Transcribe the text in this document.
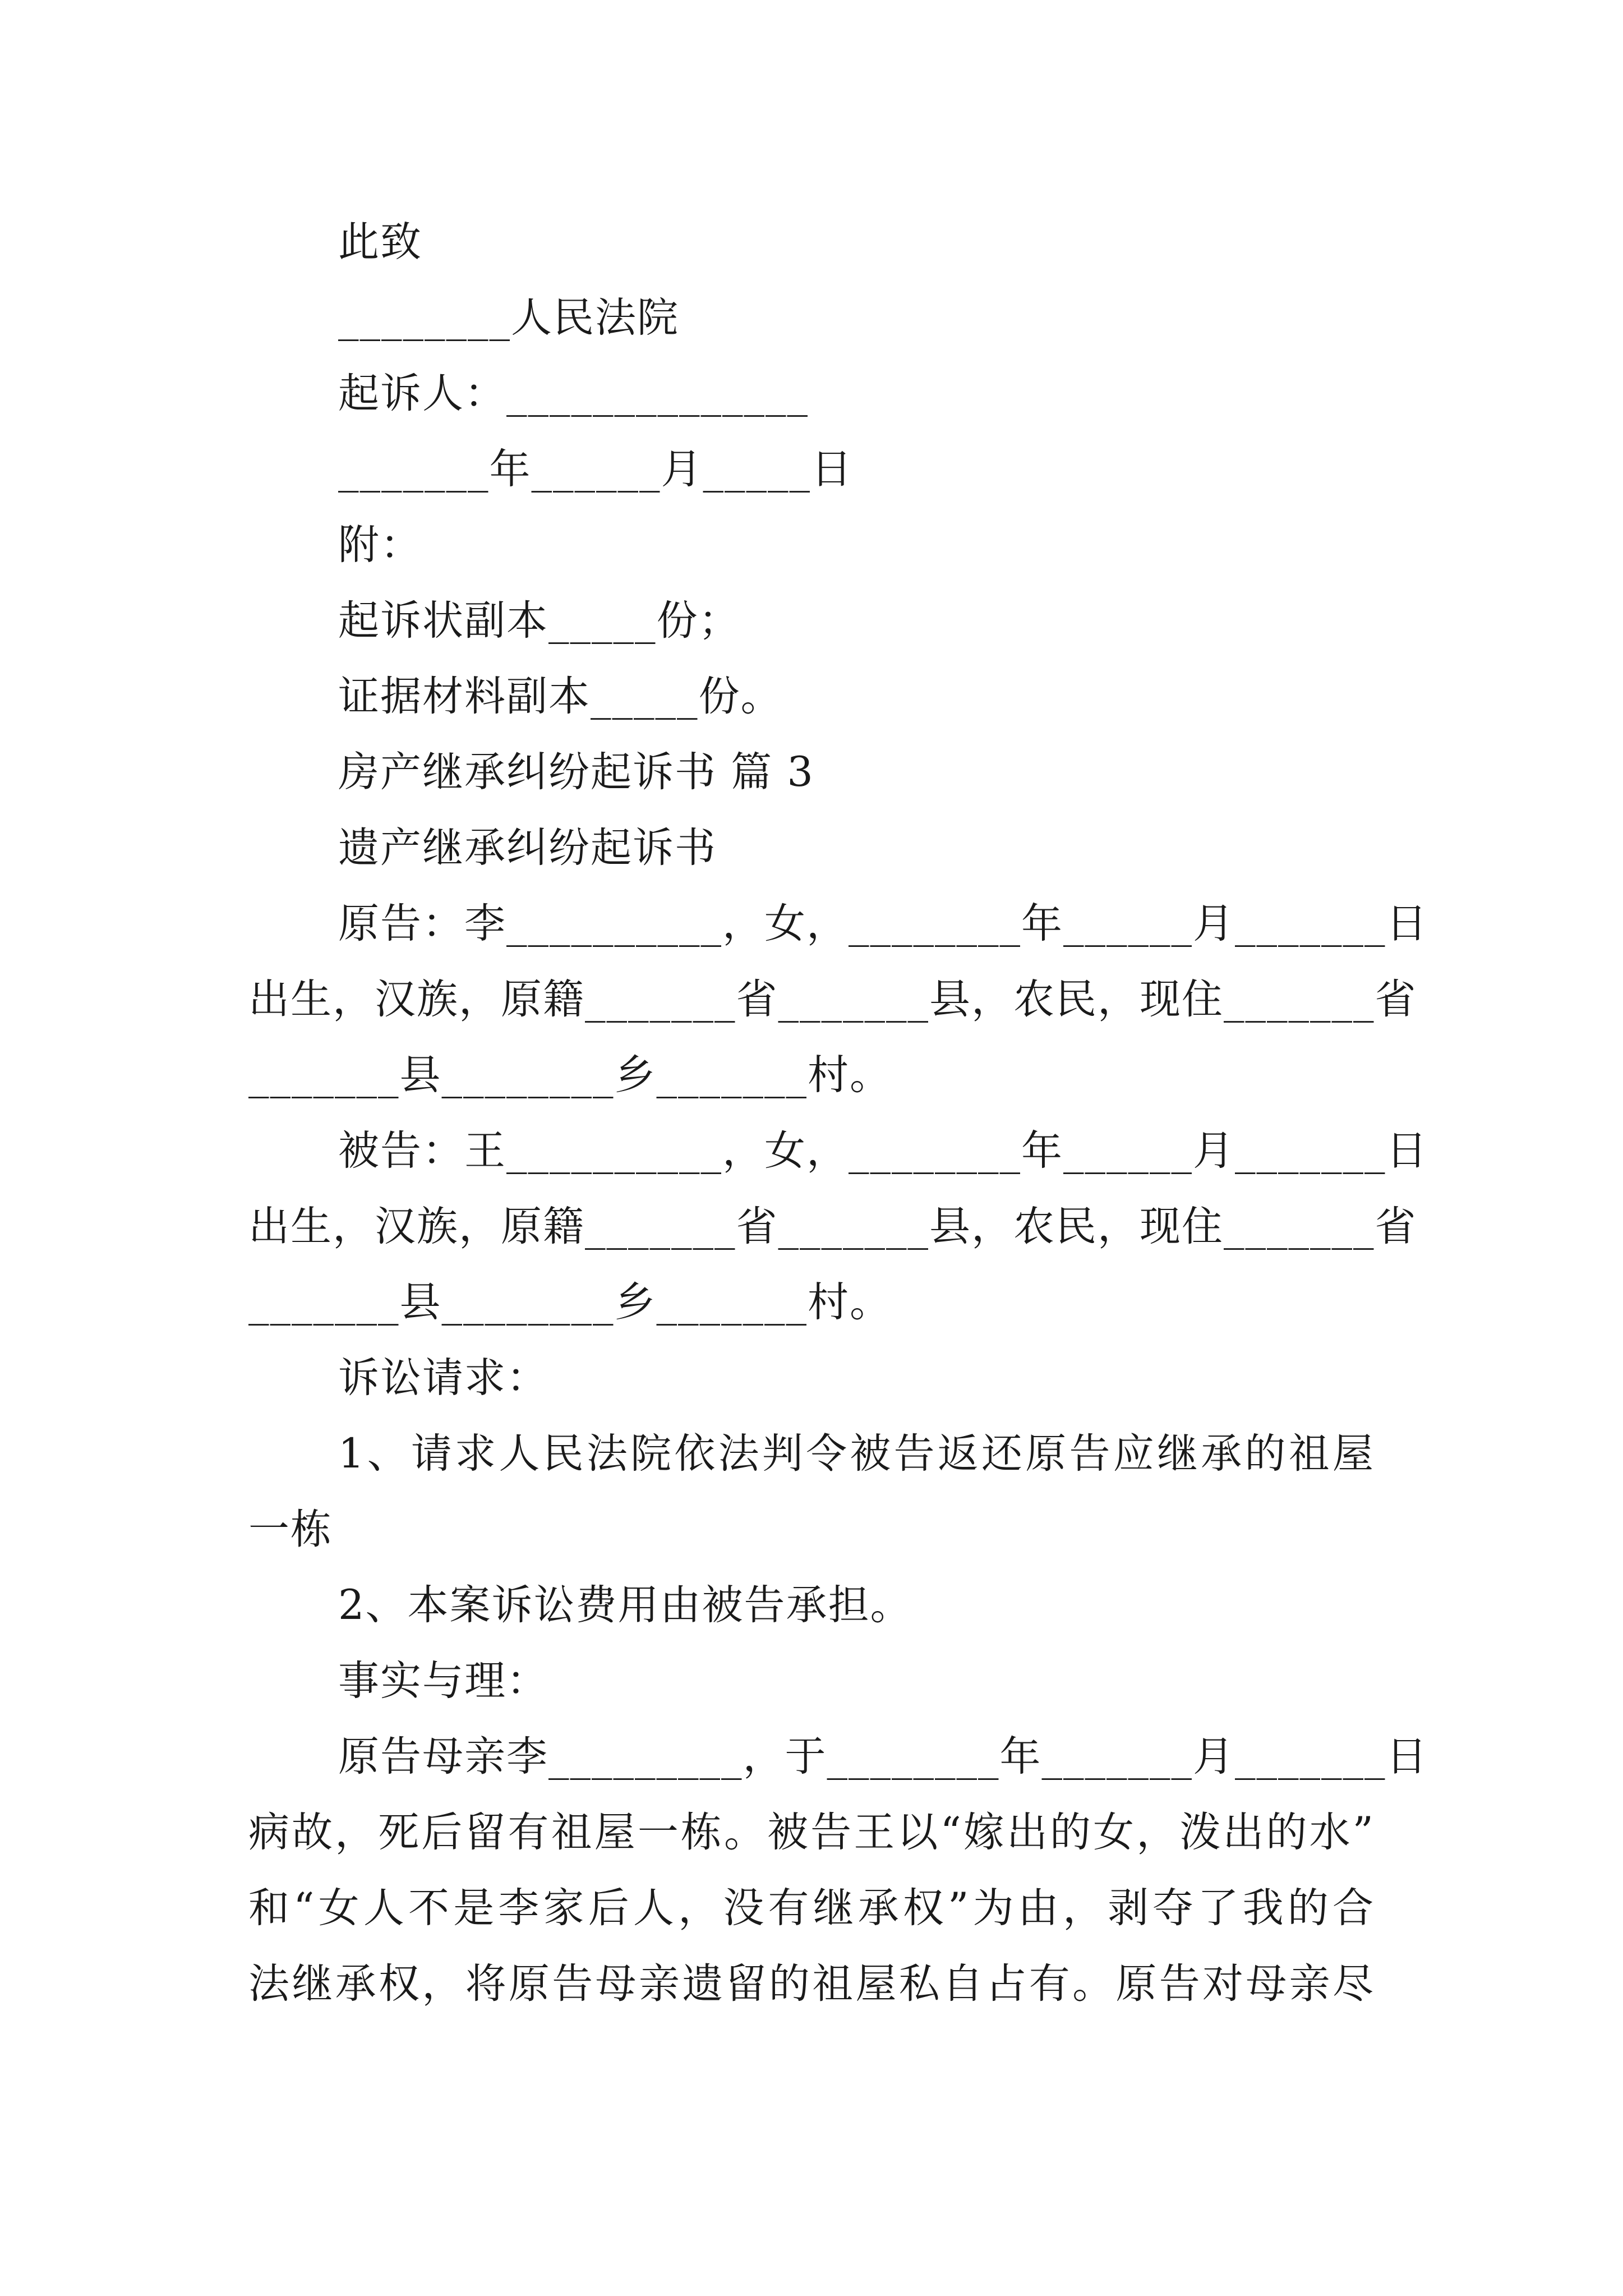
此致
________人民法院
起诉人：______________
_______年______月_____日
附：
起诉状副本_____份；
证据材料副本_____份。
房产继承纠纷起诉书 篇 3
遗产继承纠纷起诉书
原告：李__________，女，________年______月_______日
出生，汉族，原籍_______省_______县，农民，现住_______省
_______县________乡_______村。
被告：王__________，女，________年______月_______日
出生，汉族，原籍_______省_______县，农民，现住_______省
_______县________乡_______村。
诉讼请求：
1、请求人民法院依法判令被告返还原告应继承的祖屋
一栋
2、本案诉讼费用由被告承担。
事实与理：
原告母亲李_________，于________年_______月_______日
病故，死后留有祖屋一栋。被告王以“嫁出的女，泼出的水”
和“女人不是李家后人，没有继承权”为由，剥夺了我的合
法继承权，将原告母亲遗留的祖屋私自占有。原告对母亲尽
